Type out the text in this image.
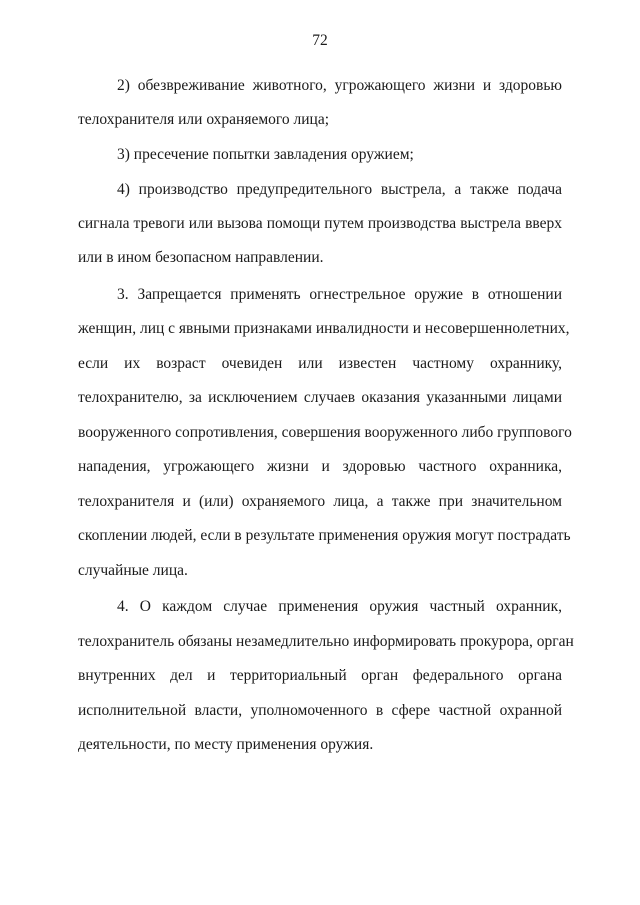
72
2) обезвреживание животного, угрожающего жизни и здоровью
телохранителя или охраняемого лица;
3) пресечение попытки завладения оружием;
4) производство предупредительного выстрела, а также подача
сигнала тревоги или вызова помощи путем производства выстрела вверх
или в ином безопасном направлении.
3. Запрещается применять огнестрельное оружие в отношении
женщин, лиц с явными признаками инвалидности и несовершеннолетних,
если их возраст очевиден или известен частному охраннику,
телохранителю, за исключением случаев оказания указанными лицами
вооруженного сопротивления, совершения вооруженного либо группового
нападения, угрожающего жизни и здоровью частного охранника,
телохранителя и (или) охраняемого лица, а также при значительном
скоплении людей, если в результате применения оружия могут пострадать
случайные лица.
4. О каждом случае применения оружия частный охранник,
телохранитель обязаны незамедлительно информировать прокурора, орган
внутренних дел и территориальный орган федерального органа
исполнительной власти, уполномоченного в сфере частной охранной
деятельности, по месту применения оружия.
